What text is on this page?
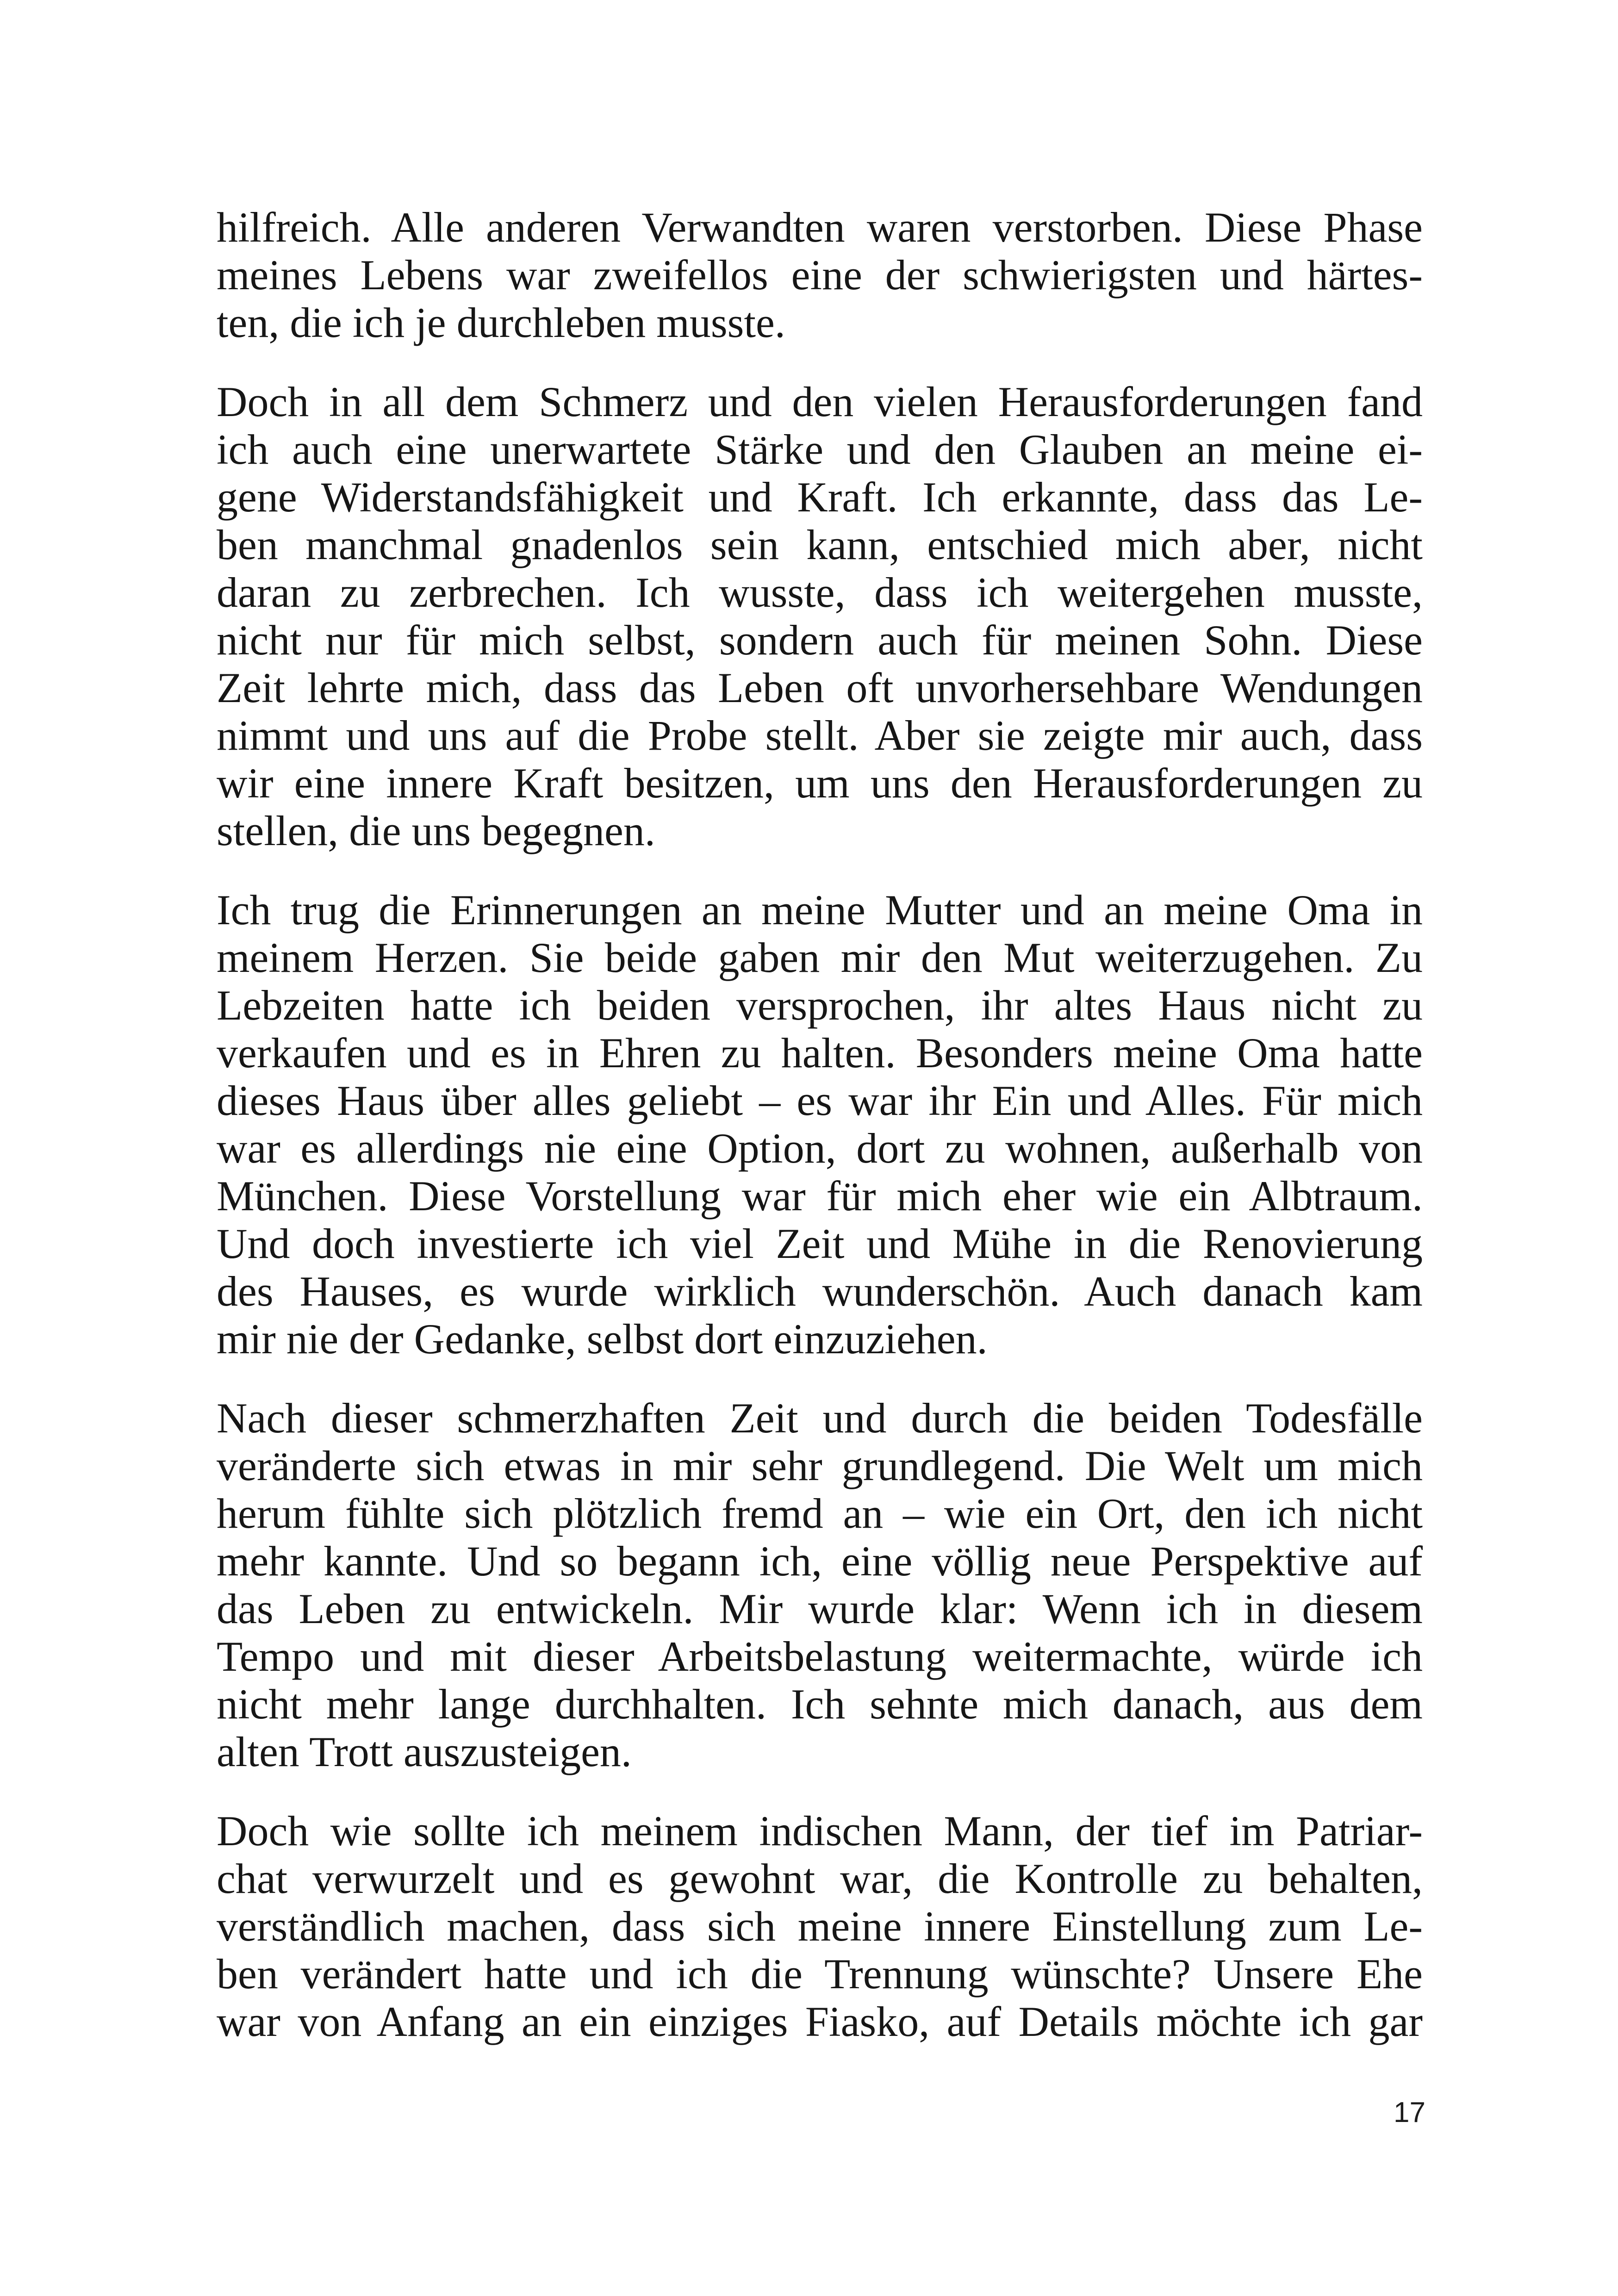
hilfreich. Alle anderen Verwandten waren verstorben. Diese Phase
meines Lebens war zweifellos eine der schwierigsten und härtes-
ten, die ich je durchleben musste.

Doch in all dem Schmerz und den vielen Herausforderungen fand
ich auch eine unerwartete Stärke und den Glauben an meine ei-
gene Widerstandsfähigkeit und Kraft. Ich erkannte, dass das Le-
ben manchmal gnadenlos sein kann, entschied mich aber, nicht
daran zu zerbrechen. Ich wusste, dass ich weitergehen musste,
nicht nur für mich selbst, sondern auch für meinen Sohn. Diese
Zeit lehrte mich, dass das Leben oft unvorhersehbare Wendungen
nimmt und uns auf die Probe stellt. Aber sie zeigte mir auch, dass
wir eine innere Kraft besitzen, um uns den Herausforderungen zu
stellen, die uns begegnen.

Ich trug die Erinnerungen an meine Mutter und an meine Oma in
meinem Herzen. Sie beide gaben mir den Mut weiterzugehen. Zu
Lebzeiten hatte ich beiden versprochen, ihr altes Haus nicht zu
verkaufen und es in Ehren zu halten. Besonders meine Oma hatte
dieses Haus über alles geliebt – es war ihr Ein und Alles. Für mich
war es allerdings nie eine Option, dort zu wohnen, außerhalb von
München. Diese Vorstellung war für mich eher wie ein Albtraum.
Und doch investierte ich viel Zeit und Mühe in die Renovierung
des Hauses, es wurde wirklich wunderschön. Auch danach kam
mir nie der Gedanke, selbst dort einzuziehen.

Nach dieser schmerzhaften Zeit und durch die beiden Todesfälle
veränderte sich etwas in mir sehr grundlegend. Die Welt um mich
herum fühlte sich plötzlich fremd an – wie ein Ort, den ich nicht
mehr kannte. Und so begann ich, eine völlig neue Perspektive auf
das Leben zu entwickeln. Mir wurde klar: Wenn ich in diesem
Tempo und mit dieser Arbeitsbelastung weitermachte, würde ich
nicht mehr lange durchhalten. Ich sehnte mich danach, aus dem
alten Trott auszusteigen.

Doch wie sollte ich meinem indischen Mann, der tief im Patriar-
chat verwurzelt und es gewohnt war, die Kontrolle zu behalten,
verständlich machen, dass sich meine innere Einstellung zum Le-
ben verändert hatte und ich die Trennung wünschte? Unsere Ehe
war von Anfang an ein einziges Fiasko, auf Details möchte ich gar

17
